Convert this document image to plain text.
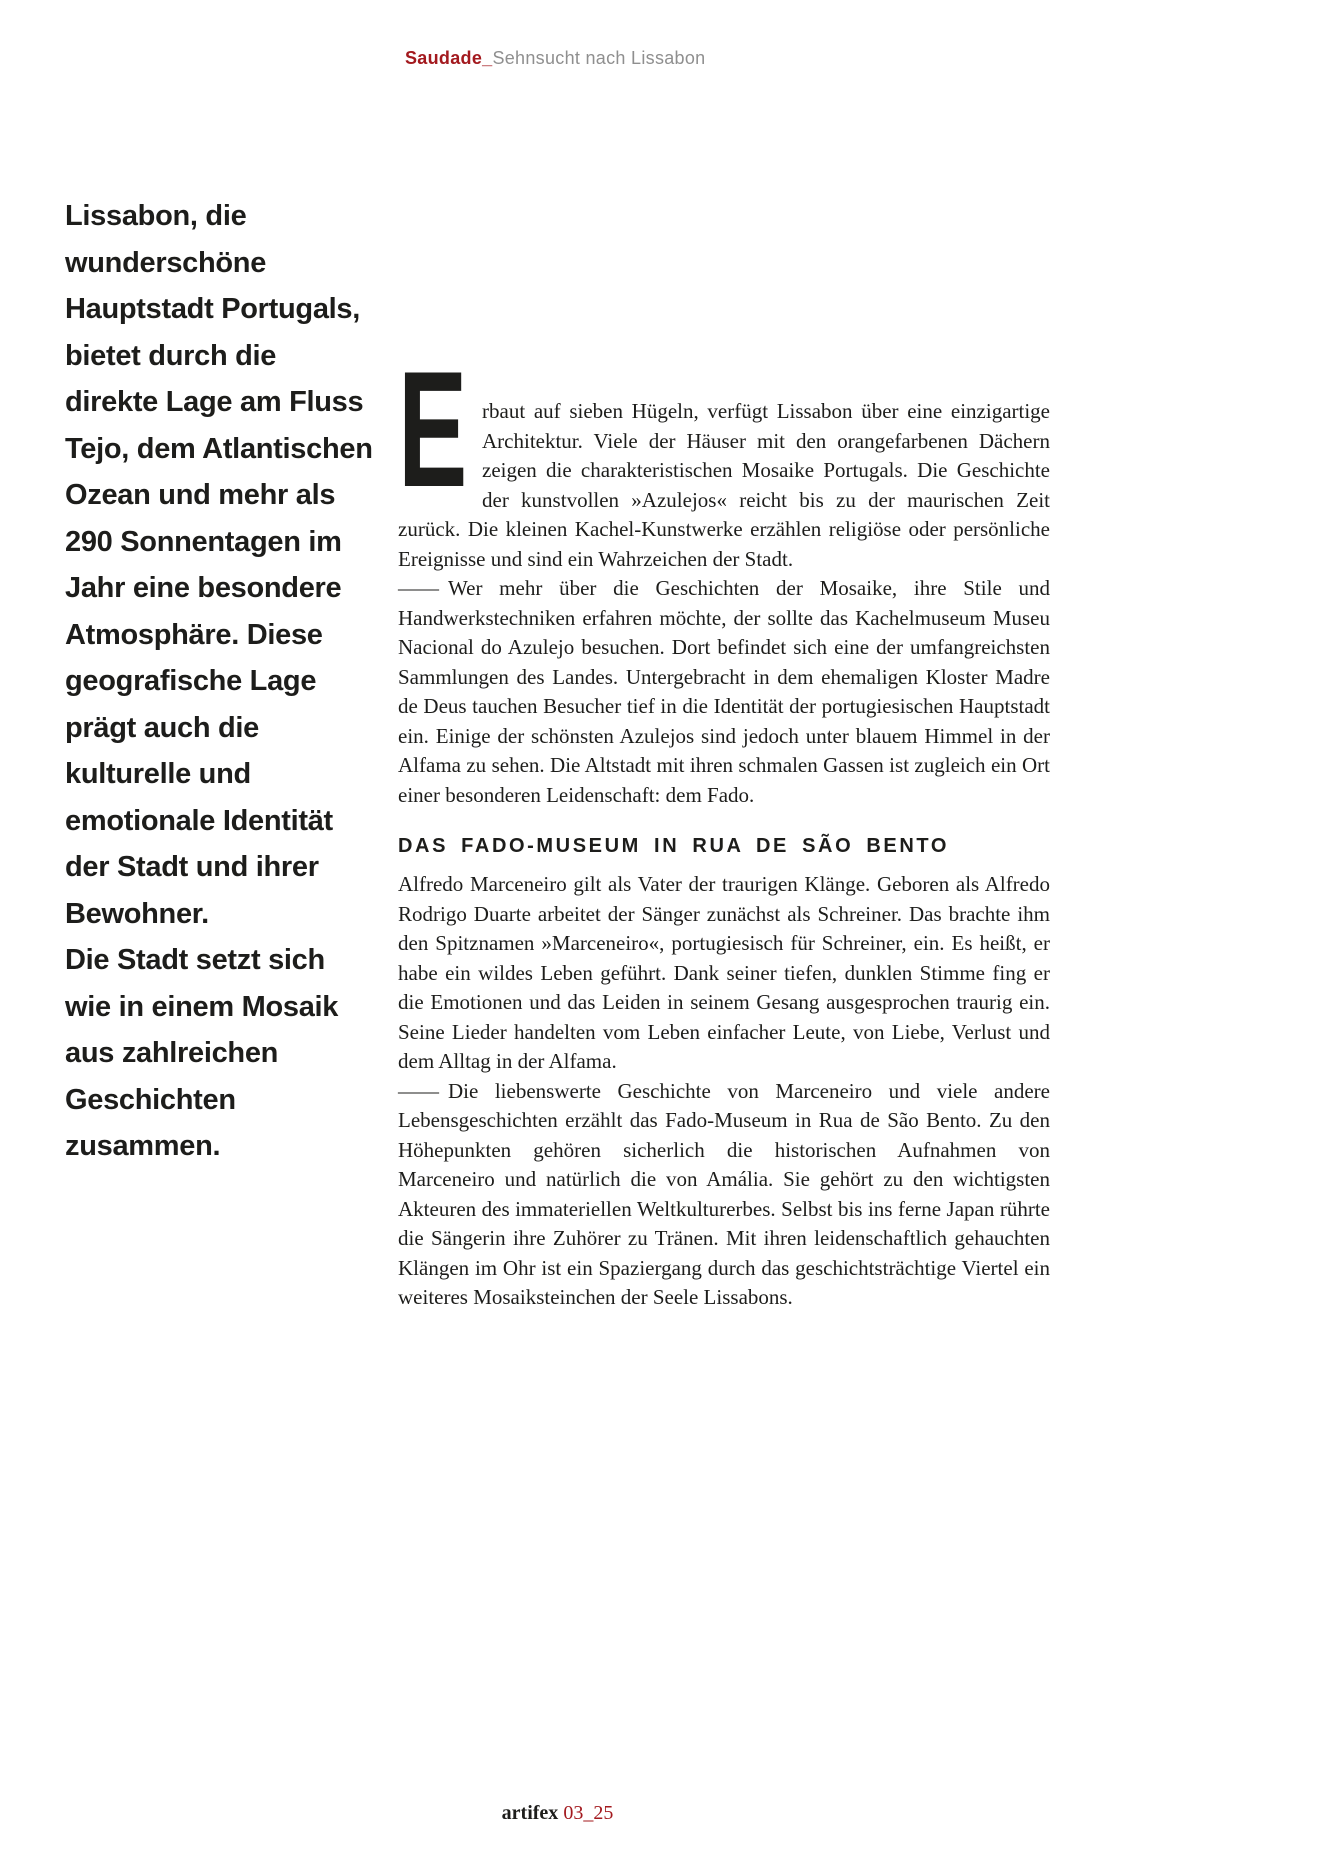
Saudade_Sehnsucht nach Lissabon
Lissabon, die
wunderschöne
Hauptstadt Portugals,
bietet durch die
direkte Lage am Fluss
Tejo, dem Atlantischen
Ozean und mehr als
290 Sonnentagen im
Jahr eine besondere
Atmosphäre. Diese
geografische Lage
prägt auch die
kulturelle und
emotionale Identität
der Stadt und ihrer
Bewohner.
Die Stadt setzt sich
wie in einem Mosaik
aus zahlreichen
Geschichten
zusammen.

E rbaut auf sieben Hügeln, verfügt Lissabon über eine einzigartige Architektur. Viele der Häuser mit den orangefarbenen Dächern zeigen die charakteristischen Mosaike Portugals. Die Geschichte der kunstvollen »Azulejos« reicht bis zu der maurischen Zeit zurück. Die kleinen Kachel-Kunstwerke erzählen religiöse oder persönliche Ereignisse und sind ein Wahrzeichen der Stadt.

—— Wer mehr über die Geschichten der Mosaike, ihre Stile und Handwerkstechniken erfahren möchte, der sollte das Kachelmuseum Museu Nacional do Azulejo besuchen. Dort befindet sich eine der umfangreichsten Sammlungen des Landes. Untergebracht in dem ehemaligen Kloster Madre de Deus tauchen Besucher tief in die Identität der portugiesischen Hauptstadt ein. Einige der schönsten Azulejos sind jedoch unter blauem Himmel in der Alfama zu sehen. Die Altstadt mit ihren schmalen Gassen ist zugleich ein Ort einer besonderen Leidenschaft: dem Fado.

DAS FADO-MUSEUM IN RUA DE SÃO BENTO

Alfredo Marceneiro gilt als Vater der traurigen Klänge. Geboren als Alfredo Rodrigo Duarte arbeitet der Sänger zunächst als Schreiner. Das brachte ihm den Spitznamen »Marceneiro«, portugiesisch für Schreiner, ein. Es heißt, er habe ein wildes Leben geführt. Dank seiner tiefen, dunklen Stimme fing er die Emotionen und das Leiden in seinem Gesang ausgesprochen traurig ein. Seine Lieder handelten vom Leben einfacher Leute, von Liebe, Verlust und dem Alltag in der Alfama.

—— Die liebenswerte Geschichte von Marceneiro und viele andere Lebensgeschichten erzählt das Fado-Museum in Rua de São Bento. Zu den Höhepunkten gehören sicherlich die historischen Aufnahmen von Marceneiro und natürlich die von Amália. Sie gehört zu den wichtigsten Akteuren des immateriellen Weltkulturerbes. Selbst bis ins ferne Japan rührte die Sängerin ihre Zuhörer zu Tränen. Mit ihren leidenschaftlich gehauchten Klängen im Ohr ist ein Spaziergang durch das geschichtsträchtige Viertel ein weiteres Mosaiksteinchen der Seele Lissabons.

artifex 03_25
